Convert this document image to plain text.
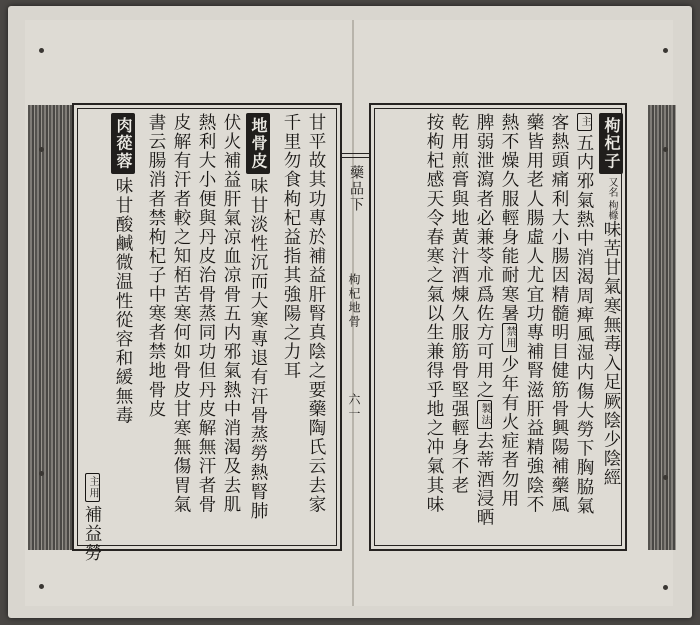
枸杞子又名 枸橼味苦甘氣寒無毒入足厥陰少陰經
主五内邪氣熱中消渴周痺風湿内傷大勞下胸脇氣
客熱頭痛利大小腸因精髓明目健筋骨興陽補藥風
藥皆用老人腸虛人尤宜功專補腎滋肝益精強陰不
熱不燥久服輕身能耐寒暑禁用少年有火症者勿用
脾弱泄瀉者必兼苓朮爲佐方可用之製法去蒂酒浸晒
乾用煎膏與地黃汁酒煉久服筋骨堅强輕身不老
按枸杞感天令春寒之氣以生兼得乎地之冲氣其味
藥品下
枸杞地骨
六一
甘平故其功專於補益肝腎真陰之要藥陶氏云去家
千里勿食枸杞益指其強陽之力耳
地骨皮味甘淡性沉而大寒專退有汗骨蒸勞熱腎肺
伏火補益肝氣凉血凉骨五内邪氣熱中消渴及去肌
熱利大小便與丹皮治骨蒸同功但丹皮解無汗者骨
皮解有汗者較之知栢苦寒何如骨皮甘寒無傷胃氣
書云腸消者禁枸杞子中寒者禁地骨皮
肉蓯蓉味甘酸鹹微温性從容和緩無毒
主用補益勞
